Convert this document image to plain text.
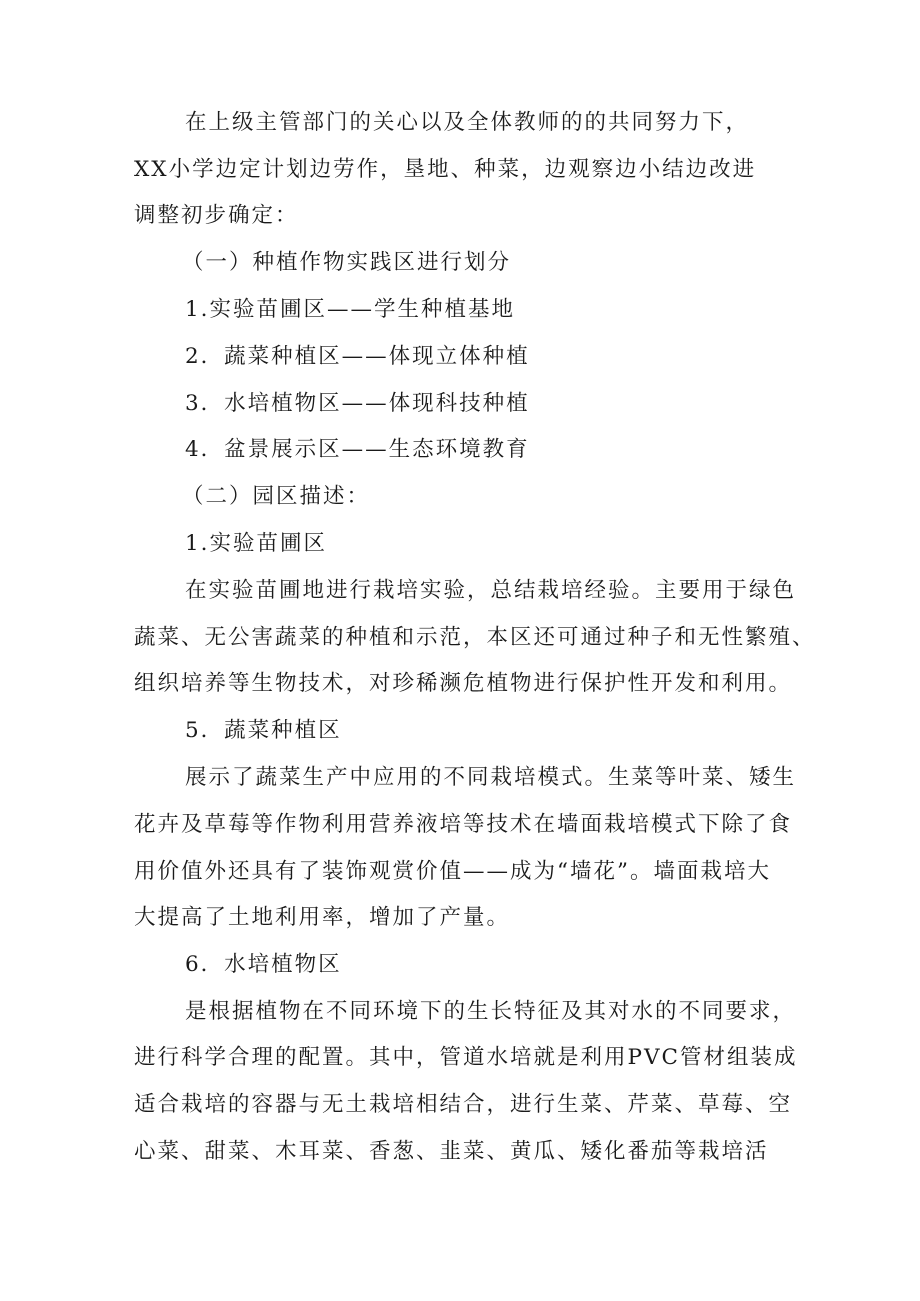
在上级主管部门的关心以及全体教师的的共同努力下，
XX小学边定计划边劳作，垦地、种菜，边观察边小结边改进
调整初步确定：
（一）种植作物实践区进行划分
1.实验苗圃区——学生种植基地
2．蔬菜种植区——体现立体种植
3．水培植物区——体现科技种植
4．盆景展示区——生态环境教育
（二）园区描述：
1.实验苗圃区
在实验苗圃地进行栽培实验，总结栽培经验。主要用于绿色
蔬菜、无公害蔬菜的种植和示范，本区还可通过种子和无性繁殖、
组织培养等生物技术，对珍稀濒危植物进行保护性开发和利用。
5．蔬菜种植区
展示了蔬菜生产中应用的不同栽培模式。生菜等叶菜、矮生
花卉及草莓等作物利用营养液培等技术在墙面栽培模式下除了食
用价值外还具有了装饰观赏价值——成为“墙花”。墙面栽培大
大提高了土地利用率，增加了产量。
6．水培植物区
是根据植物在不同环境下的生长特征及其对水的不同要求，
进行科学合理的配置。其中，管道水培就是利用PVC管材组装成
适合栽培的容器与无土栽培相结合，进行生菜、芹菜、草莓、空
心菜、甜菜、木耳菜、香葱、韭菜、黄瓜、矮化番茄等栽培活
